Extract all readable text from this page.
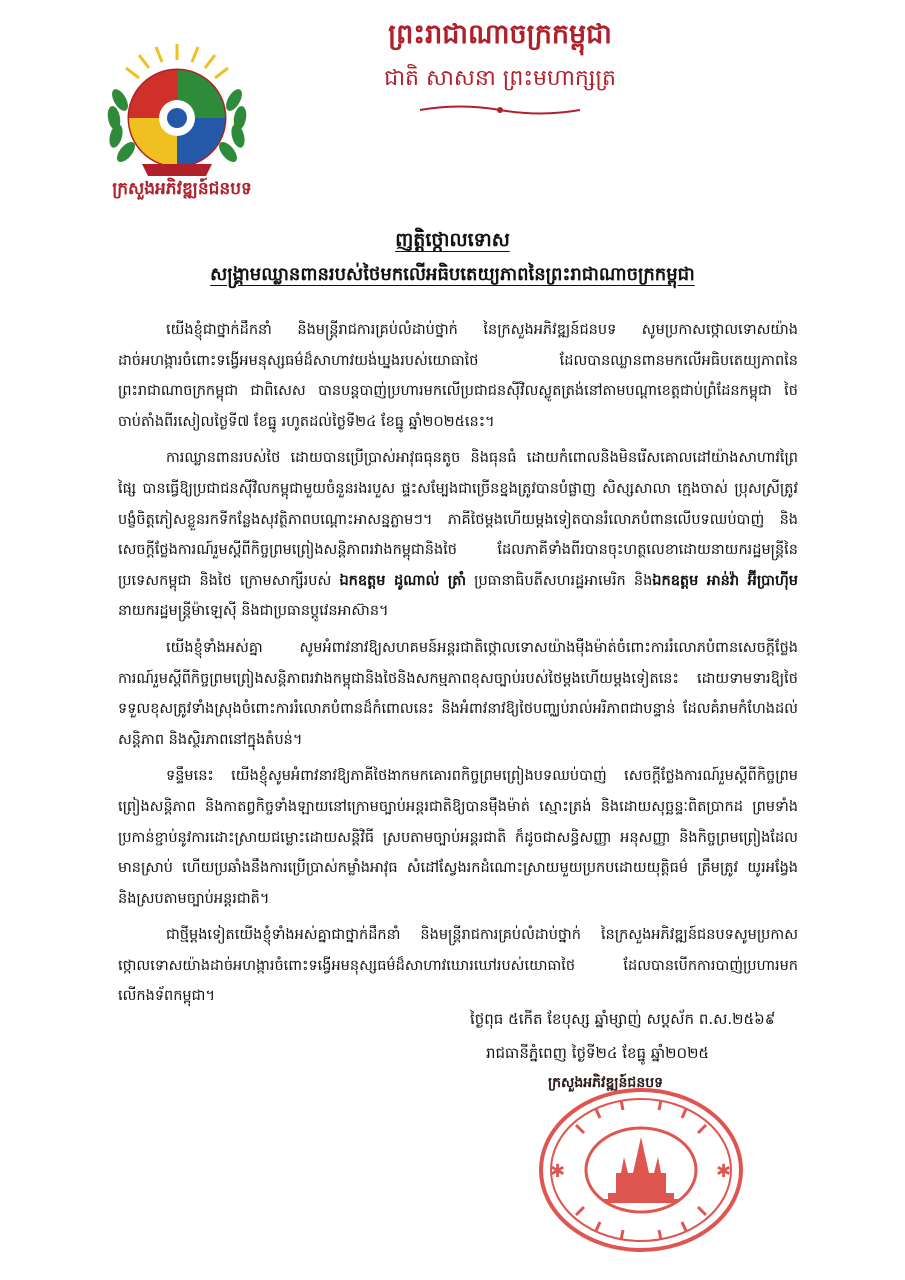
ក្រសួងអភិវឌ្ឍន៍ជនបទ
ព្រះរាជាណាចក្រកម្ពុជា
ជាតិ សាសនា ព្រះមហាក្សត្រ
ញត្តិថ្កោលទោស
សង្គ្រាមឈ្លានពានរបស់ថៃមកលើអធិបតេយ្យភាពនៃព្រះរាជាណាចក្រកម្ពុជា

យើងខ្ញុំជាថ្នាក់ដឹកនាំ និងមន្ត្រីរាជការគ្រប់លំដាប់ថ្នាក់ នៃក្រសួងអភិវឌ្ឍន៍ជនបទ សូមប្រកាសថ្កោលទោសយ៉ាងដាច់អហង្ការចំពោះទង្វើអមនុស្សធម៌ដ៏សាហាវយង់ឃ្នងរបស់យោធាថៃ ដែលបានឈ្លានពានមកលើអធិបតេយ្យភាពនៃព្រះរាជាណាចក្រកម្ពុជា ជាពិសេស បានបន្តបាញ់ប្រហារមកលើប្រជាជនស៊ីវិលស្លូតត្រង់នៅតាមបណ្តាខេត្តជាប់ព្រំដែនកម្ពុជា ថៃ ចាប់តាំងពីរសៀលថ្ងៃទី៧ ខែធ្នូ រហូតដល់ថ្ងៃទី២៤ ខែធ្នូ ឆ្នាំ២០២៥នេះ។

ការឈ្លានពានរបស់ថៃ ដោយបានប្រើប្រាស់អាវុធធុនតូច និងធុនធំ ដោយកំពោលនិងមិនរើសគោលដៅយ៉ាងសាហាវព្រៃផ្សៃ បានធ្វើឱ្យប្រជាជនស៊ីវិលកម្ពុជាមួយចំនួនរងរបួស ផ្ទះសម្បែងជាច្រើនខ្នងត្រូវបានបំផ្លាញ សិស្សសាលា ក្មេងចាស់ ប្រុសស្រីត្រូវបង្ខំចិត្តភៀសខ្លួនរកទីកន្លែងសុវត្ថិភាពបណ្តោះអាសន្នភ្លាមៗ។ ភាគីថៃម្តងហើយម្តងទៀតបានរំលោភបំពានលើបទឈប់បាញ់ និងសេចក្តីថ្លែងការណ៍រួមស្តីពីកិច្ចព្រមព្រៀងសន្តិភាពរវាងកម្ពុជានិងថៃ ដែលភាគីទាំងពីរបានចុះហត្ថលេខាដោយនាយករដ្ឋមន្ត្រីនៃប្រទេសកម្ពុជា និងថៃ ក្រោមសាក្សីរបស់ ឯកឧត្តម ដូណាល់ ត្រាំ ប្រធានាធិបតីសហរដ្ឋអាមេរិក និងឯកឧត្តម អាន់វ៉ា អ៊ីប្រាហ៊ីម នាយករដ្ឋមន្ត្រីម៉ាឡេស៊ី និងជាប្រធានប្តូវេនអាស៊ាន។

យើងខ្ញុំទាំងអស់គ្នា សូមអំពាវនាវឱ្យសហគមន៍អន្តរជាតិថ្កោលទោសយ៉ាងម៉ឺងម៉ាត់ចំពោះការរំលោភបំពានសេចក្តីថ្លែងការណ៍រួមស្តីពីកិច្ចព្រមព្រៀងសន្តិភាពរវាងកម្ពុជានិងថៃនិងសកម្មភាពខុសច្បាប់របស់ថៃម្តងហើយម្តងទៀតនេះ ដោយទាមទារឱ្យថៃទទួលខុសត្រូវទាំងស្រុងចំពោះការរំលោភបំពានដ៏កំពោលនេះ និងអំពាវនាវឱ្យថៃបញ្ឈប់រាល់អរិភាពជាបន្ទាន់ ដែលគំរាមកំហែងដល់សន្តិភាព និងស្ថិរភាពនៅក្នុងតំបន់។

ទន្ទឹមនេះ យើងខ្ញុំសូមអំពាវនាវឱ្យភាគីថៃងាកមកគោរពកិច្ចព្រមព្រៀងបទឈប់បាញ់ សេចក្តីថ្លែងការណ៍រួមស្តីពីកិច្ចព្រមព្រៀងសន្តិភាព និងកាតព្វកិច្ចទាំងឡាយនៅក្រោមច្បាប់អន្តរជាតិឱ្យបានម៉ឺងម៉ាត់ ស្មោះត្រង់ និងដោយសុច្ឆន្ទៈពិតប្រាកដ ព្រមទាំងប្រកាន់ខ្ជាប់នូវការដោះស្រាយជម្លោះដោយសន្តិវិធី ស្របតាមច្បាប់អន្តរជាតិ ក៏ដូចជាសន្ធិសញ្ញា អនុសញ្ញា និងកិច្ចព្រមព្រៀងដែលមានស្រាប់ ហើយប្រឆាំងនឹងការប្រើប្រាស់កម្លាំងអាវុធ សំដៅស្វែងរកដំណោះស្រាយមួយប្រកបដោយយុត្តិធម៌ ត្រឹមត្រូវ យូរអង្វែង និងស្របតាមច្បាប់អន្តរជាតិ។

ជាថ្មីម្តងទៀតយើងខ្ញុំទាំងអស់គ្នាជាថ្នាក់ដឹកនាំ និងមន្ត្រីរាជការគ្រប់លំដាប់ថ្នាក់ នៃក្រសួងអភិវឌ្ឍន៍ជនបទសូមប្រកាសថ្កោលទោសយ៉ាងដាច់អហង្ការចំពោះទង្វើអមនុស្សធម៌ដ៏សាហាវឃោរឃៅរបស់យោធាថៃ ដែលបានបើកការបាញ់ប្រហារមកលើកងទ័ពកម្ពុជា។

ថ្ងៃពុធ ៥កើត ខែបុស្ស ឆ្នាំម្សាញ់ សប្តស័ក ព.ស.២៥៦៩
រាជធានីភ្នំពេញ ថ្ងៃទី២៤ ខែធ្នូ ឆ្នាំ២០២៥
ក្រសួងអភិវឌ្ឍន៍ជនបទ
✱	✱
